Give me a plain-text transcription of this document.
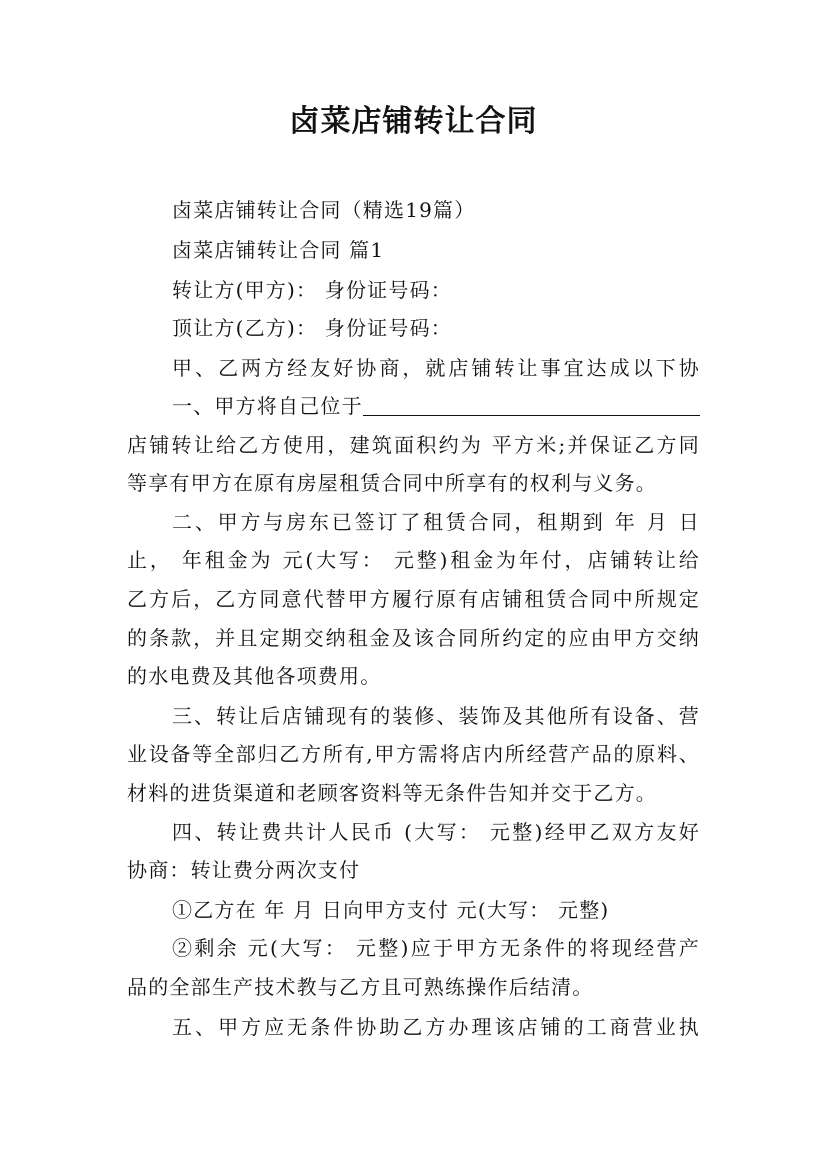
卤菜店铺转让合同
卤菜店铺转让合同（精选19篇）
卤菜店铺转让合同 篇1
转让方(甲方)： 身份证号码：
顶让方(乙方)： 身份证号码：
甲、乙两方经友好协商，就店铺转让事宜达成以下协
一、甲方将自己位于
店铺转让给乙方使用，建筑面积约为 平方米;并保证乙方同
等享有甲方在原有房屋租赁合同中所享有的权利与义务。
二、甲方与房东已签订了租赁合同，租期到 年 月 日
止， 年租金为 元(大写： 元整)租金为年付，店铺转让给
乙方后，乙方同意代替甲方履行原有店铺租赁合同中所规定
的条款，并且定期交纳租金及该合同所约定的应由甲方交纳
的水电费及其他各项费用。
三、转让后店铺现有的装修、装饰及其他所有设备、营
业设备等全部归乙方所有,甲方需将店内所经营产品的原料、
材料的进货渠道和老顾客资料等无条件告知并交于乙方。
四、转让费共计人民币 (大写： 元整)经甲乙双方友好
协商：转让费分两次支付
①乙方在 年 月 日向甲方支付 元(大写： 元整)
②剩余 元(大写： 元整)应于甲方无条件的将现经营产
品的全部生产技术教与乙方且可熟练操作后结清。
五、甲方应无条件协助乙方办理该店铺的工商营业执
